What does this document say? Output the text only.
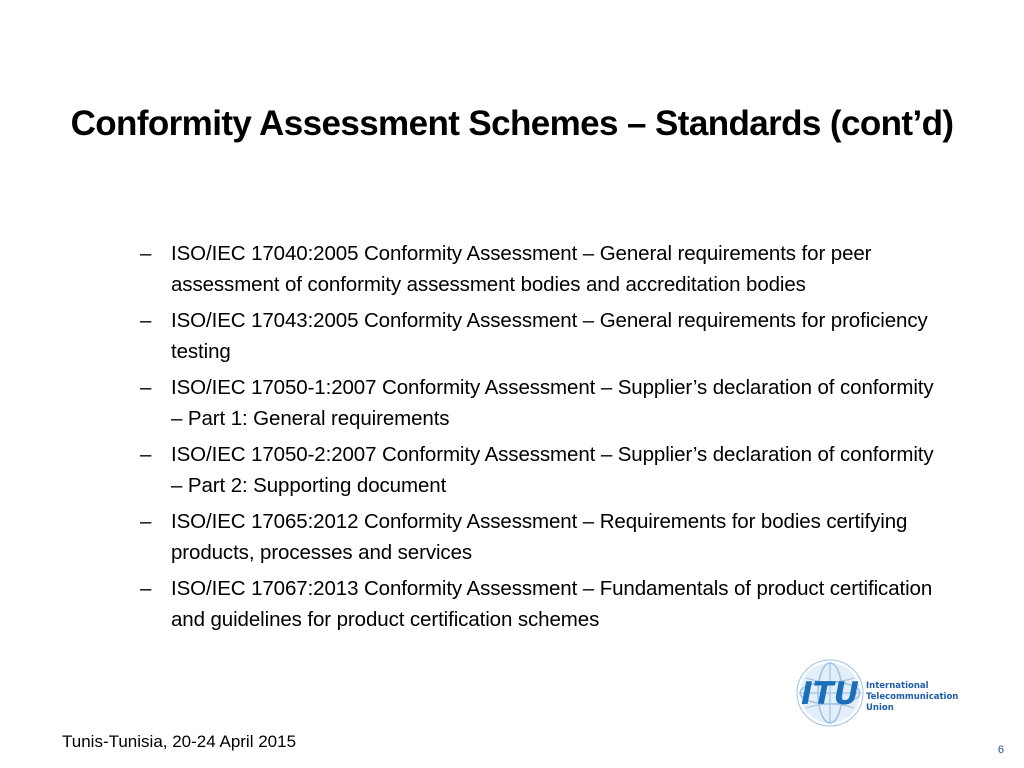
Conformity Assessment Schemes – Standards (cont’d)
– ISO/IEC 17040:2005 Conformity Assessment – General requirements for peer assessment of conformity assessment bodies and accreditation bodies
– ISO/IEC 17043:2005 Conformity Assessment – General requirements for proficiency testing
– ISO/IEC 17050-1:2007 Conformity Assessment – Supplier’s declaration of conformity – Part 1: General requirements
– ISO/IEC 17050-2:2007 Conformity Assessment – Supplier’s declaration of conformity – Part 2: Supporting document
– ISO/IEC 17065:2012 Conformity Assessment – Requirements for bodies certifying products, processes and services
– ISO/IEC 17067:2013 Conformity Assessment – Fundamentals of product certification and guidelines for product certification schemes
ITU International
Telecommunication
Union
Tunis-Tunisia, 20-24 April 2015	6
